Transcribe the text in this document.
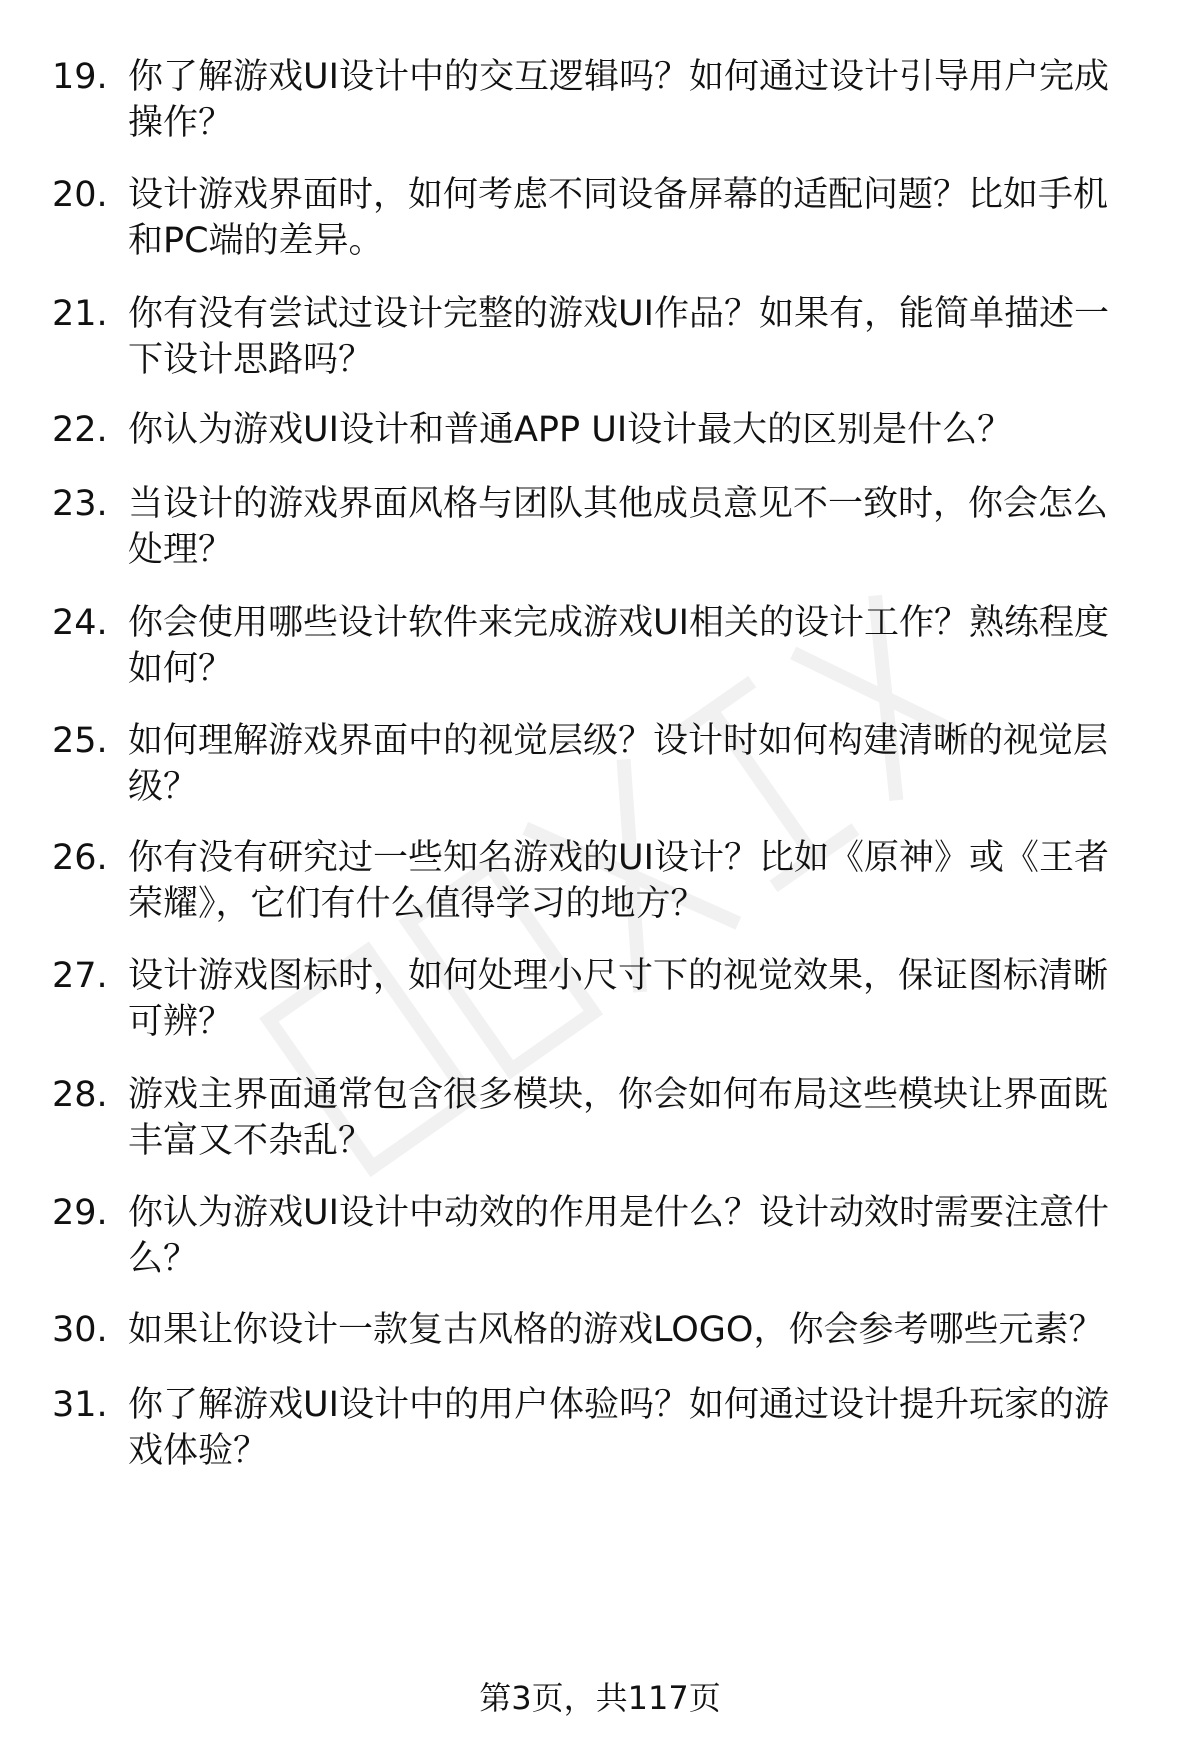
19. 你了解游戏UI设计中的交互逻辑吗？如何通过设计引导用户完成操作？
20. 设计游戏界面时，如何考虑不同设备屏幕的适配问题？比如手机和PC端的差异。
21. 你有没有尝试过设计完整的游戏UI作品？如果有，能简单描述一下设计思路吗？
22. 你认为游戏UI设计和普通APP UI设计最大的区别是什么？
23. 当设计的游戏界面风格与团队其他成员意见不一致时，你会怎么处理？
24. 你会使用哪些设计软件来完成游戏UI相关的设计工作？熟练程度如何？
25. 如何理解游戏界面中的视觉层级？设计时如何构建清晰的视觉层级？
26. 你有没有研究过一些知名游戏的UI设计？比如《原神》或《王者荣耀》，它们有什么值得学习的地方？
27. 设计游戏图标时，如何处理小尺寸下的视觉效果，保证图标清晰可辨？
28. 游戏主界面通常包含很多模块，你会如何布局这些模块让界面既丰富又不杂乱？
29. 你认为游戏UI设计中动效的作用是什么？设计动效时需要注意什么？
30. 如果让你设计一款复古风格的游戏LOGO，你会参考哪些元素？
31. 你了解游戏UI设计中的用户体验吗？如何通过设计提升玩家的游戏体验？
第3页，共117页
